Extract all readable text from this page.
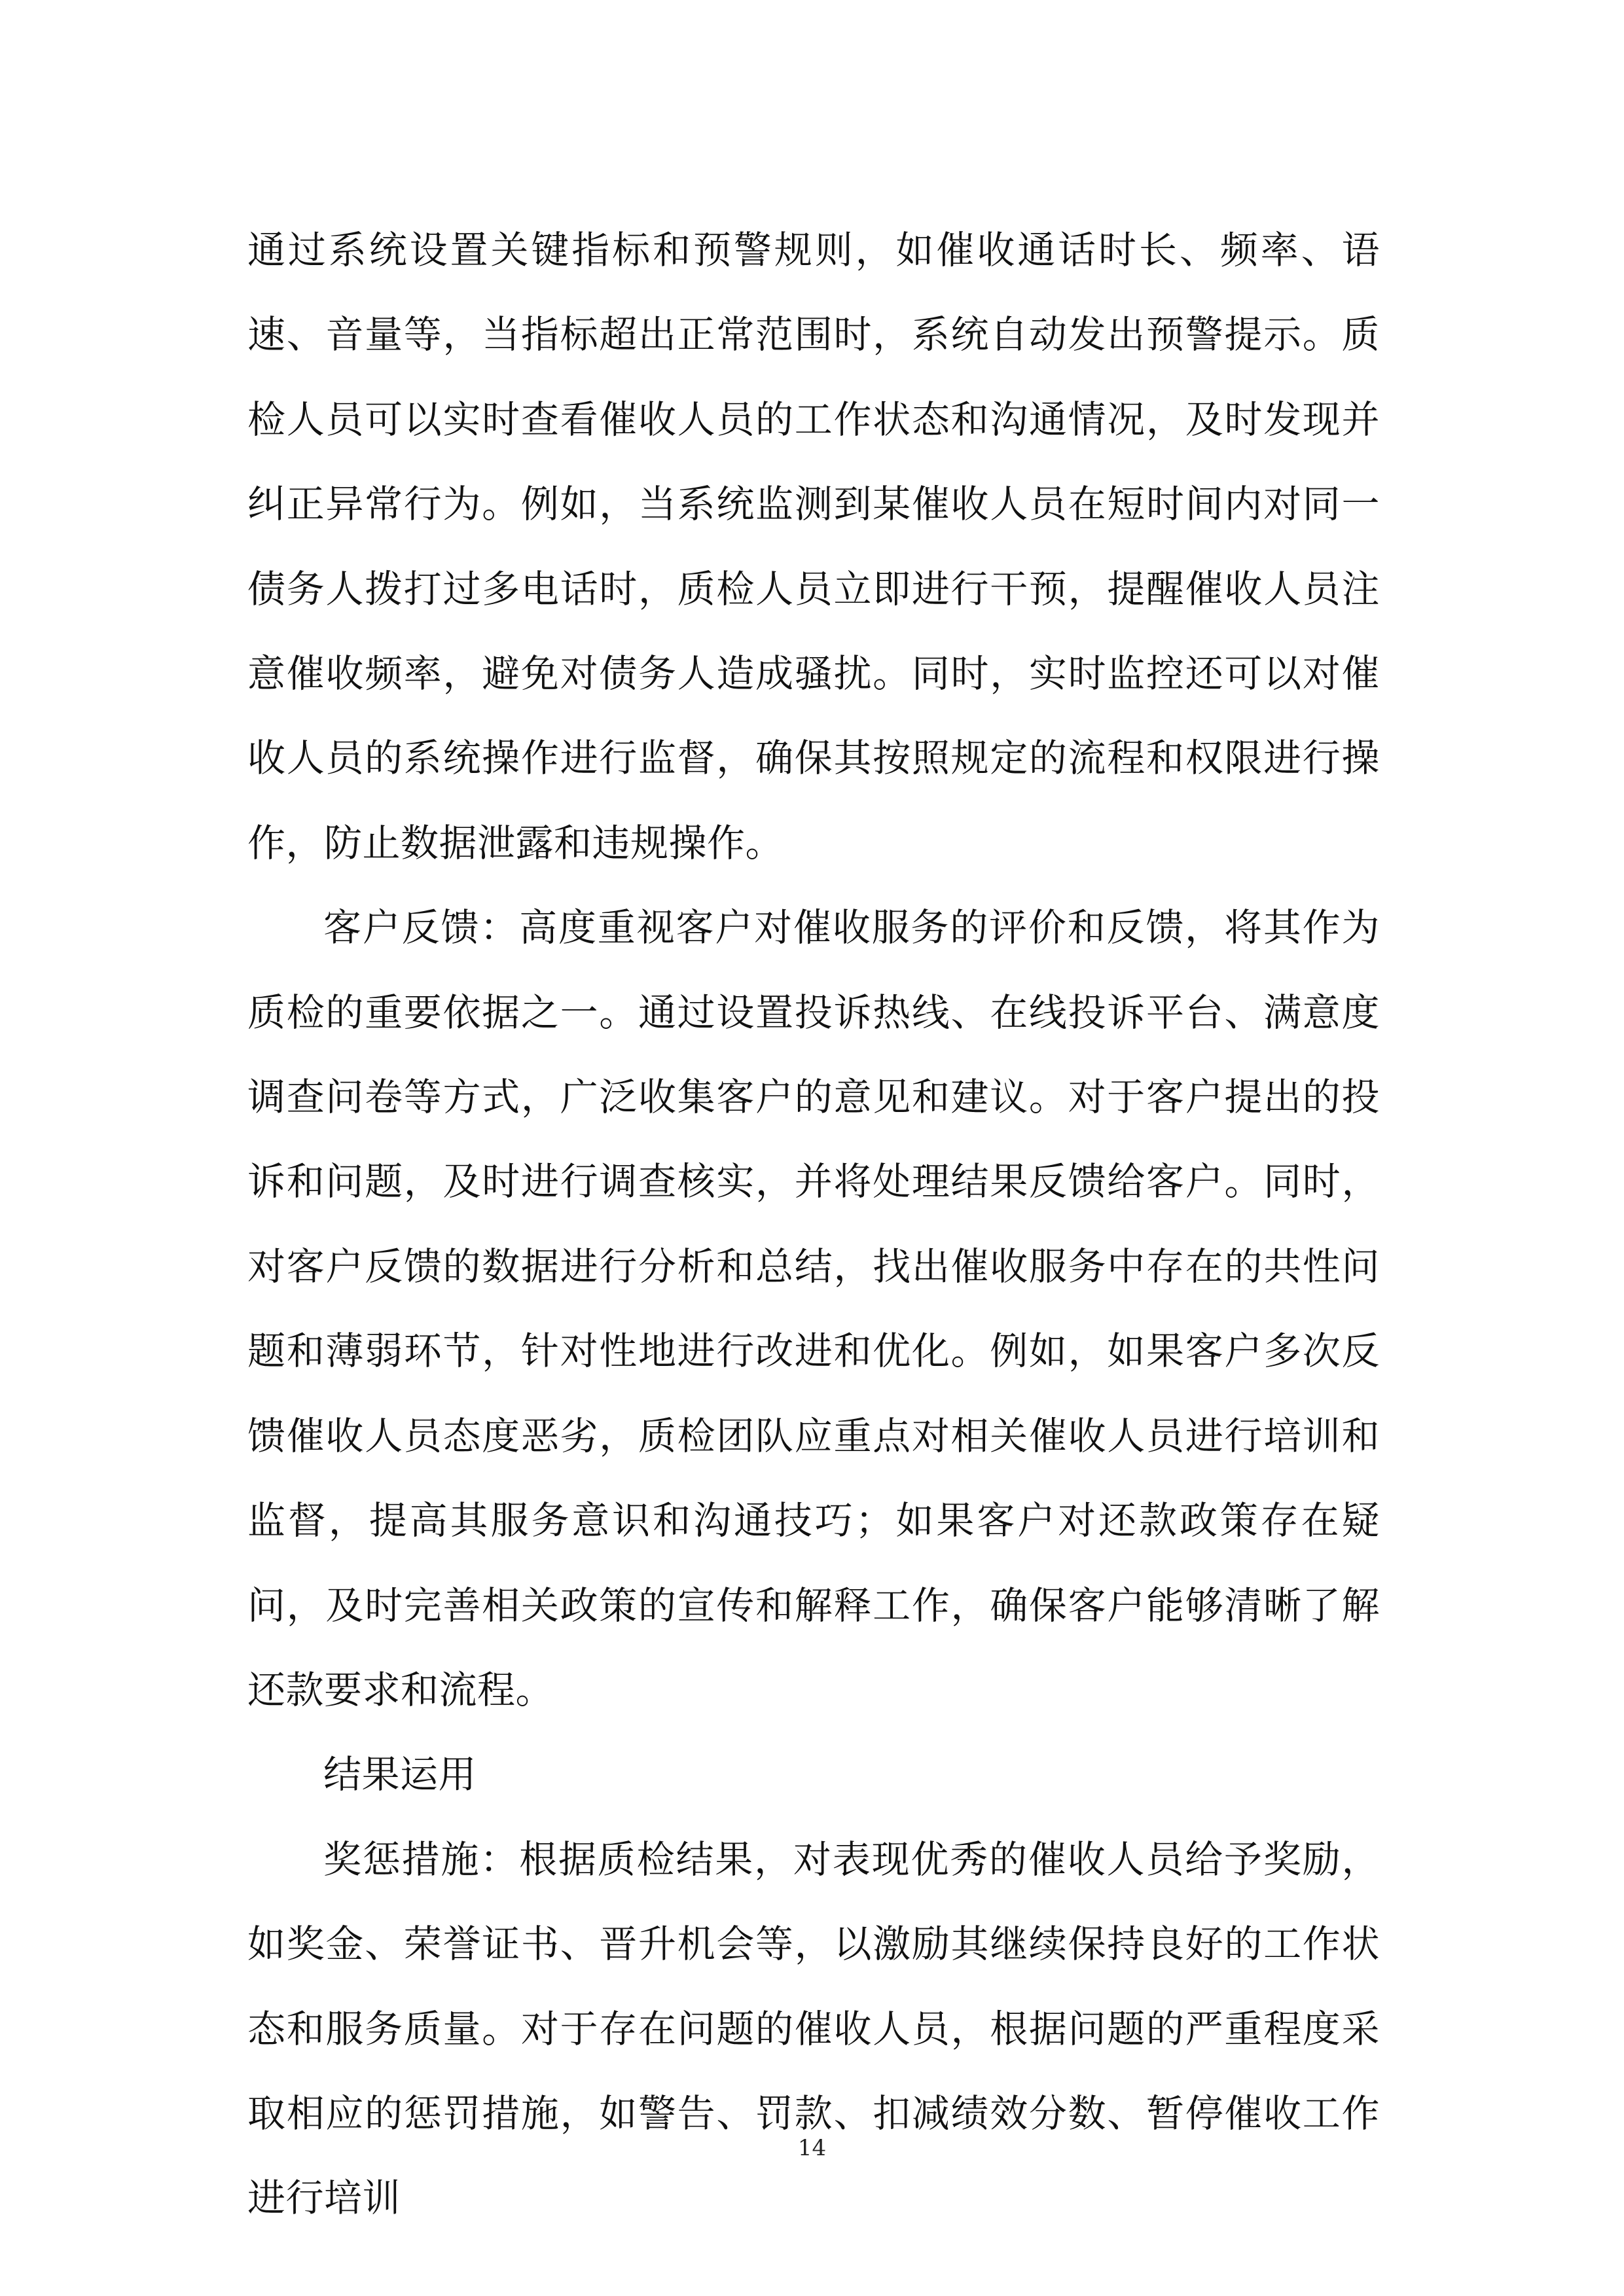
通过系统设置关键指标和预警规则，如催收通话时长、频率、语速、音量等，当指标超出正常范围时，系统自动发出预警提示。质检人员可以实时查看催收人员的工作状态和沟通情况，及时发现并纠正异常行为。例如，当系统监测到某催收人员在短时间内对同一债务人拨打过多电话时，质检人员立即进行干预，提醒催收人员注意催收频率，避免对债务人造成骚扰。同时，实时监控还可以对催收人员的系统操作进行监督，确保其按照规定的流程和权限进行操作，防止数据泄露和违规操作。

客户反馈：高度重视客户对催收服务的评价和反馈，将其作为质检的重要依据之一。通过设置投诉热线、在线投诉平台、满意度调查问卷等方式，广泛收集客户的意见和建议。对于客户提出的投诉和问题，及时进行调查核实，并将处理结果反馈给客户。同时，对客户反馈的数据进行分析和总结，找出催收服务中存在的共性问题和薄弱环节，针对性地进行改进和优化。例如，如果客户多次反馈催收人员态度恶劣，质检团队应重点对相关催收人员进行培训和监督，提高其服务意识和沟通技巧；如果客户对还款政策存在疑问，及时完善相关政策的宣传和解释工作，确保客户能够清晰了解还款要求和流程。

结果运用

奖惩措施：根据质检结果，对表现优秀的催收人员给予奖励，如奖金、荣誉证书、晋升机会等，以激励其继续保持良好的工作状态和服务质量。对于存在问题的催收人员，根据问题的严重程度采取相应的惩罚措施，如警告、罚款、扣减绩效分数、暂停催收工作进行培训

14
